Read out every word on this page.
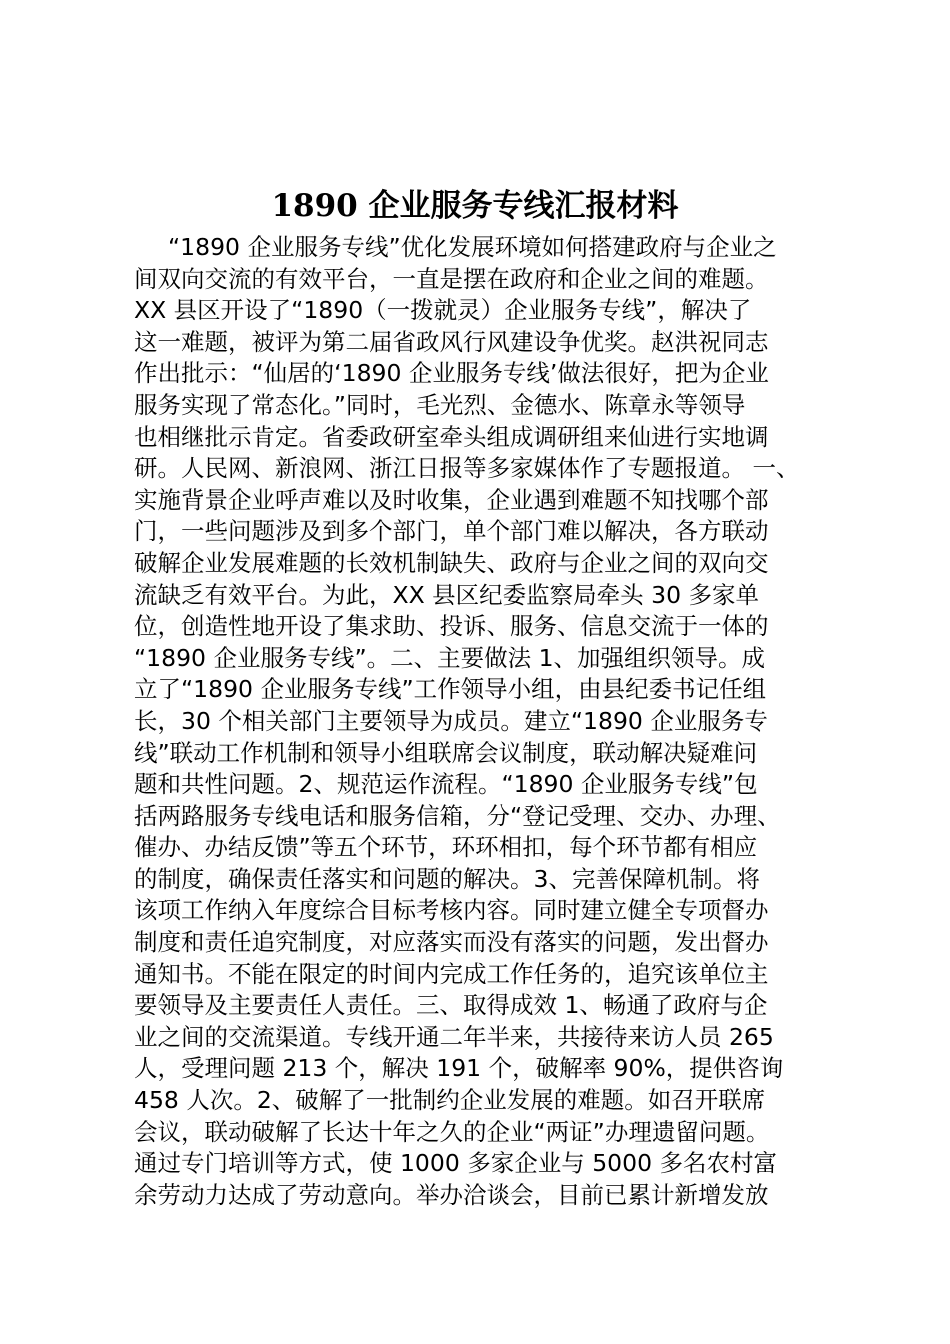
1890 企业服务专线汇报材料
“1890 企业服务专线”优化发展环境如何搭建政府与企业之
间双向交流的有效平台，一直是摆在政府和企业之间的难题。
XX 县区开设了“1890（一拨就灵）企业服务专线”，解决了
这一难题，被评为第二届省政风行风建设争优奖。赵洪祝同志
作出批示：“仙居的‘1890 企业服务专线’做法很好，把为企业
服务实现了常态化。”同时，毛光烈、金德水、陈章永等领导
也相继批示肯定。省委政研室牵头组成调研组来仙进行实地调
研。人民网、新浪网、浙江日报等多家媒体作了专题报道。 一、
实施背景企业呼声难以及时收集，企业遇到难题不知找哪个部
门，一些问题涉及到多个部门，单个部门难以解决，各方联动
破解企业发展难题的长效机制缺失、政府与企业之间的双向交
流缺乏有效平台。为此，XX 县区纪委监察局牵头 30 多家单
位，创造性地开设了集求助、投诉、服务、信息交流于一体的
“1890 企业服务专线”。二、主要做法 1、加强组织领导。成
立了“1890 企业服务专线”工作领导小组，由县纪委书记任组
长，30 个相关部门主要领导为成员。建立“1890 企业服务专
线”联动工作机制和领导小组联席会议制度，联动解决疑难问
题和共性问题。2、规范运作流程。“1890 企业服务专线”包
括两路服务专线电话和服务信箱，分“登记受理、交办、办理、
催办、办结反馈”等五个环节，环环相扣，每个环节都有相应
的制度，确保责任落实和问题的解决。3、完善保障机制。将
该项工作纳入年度综合目标考核内容。同时建立健全专项督办
制度和责任追究制度，对应落实而没有落实的问题，发出督办
通知书。不能在限定的时间内完成工作任务的，追究该单位主
要领导及主要责任人责任。三、取得成效 1、畅通了政府与企
业之间的交流渠道。专线开通二年半来，共接待来访人员 265
人，受理问题 213 个，解决 191 个，破解率 90%，提供咨询
458 人次。2、破解了一批制约企业发展的难题。如召开联席
会议，联动破解了长达十年之久的企业“两证”办理遗留问题。
通过专门培训等方式，使 1000 多家企业与 5000 多名农村富
余劳动力达成了劳动意向。举办洽谈会，目前已累计新增发放
